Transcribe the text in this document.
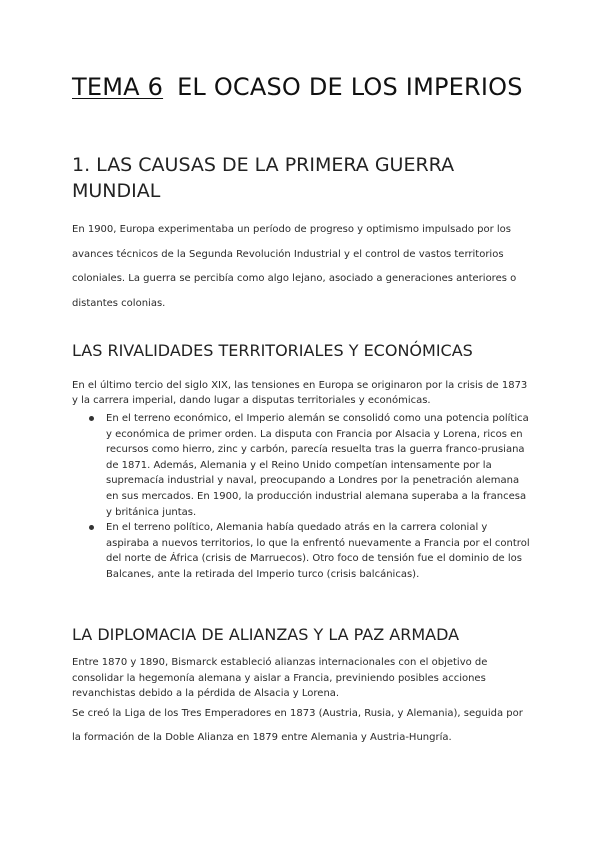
TEMA 6 EL OCASO DE LOS IMPERIOS
1. LAS CAUSAS DE LA PRIMERA GUERRA MUNDIAL

En 1900, Europa experimentaba un período de progreso y optimismo impulsado por los avances técnicos de la Segunda Revolución Industrial y el control de vastos territorios coloniales. La guerra se percibía como algo lejano, asociado a generaciones anteriores o distantes colonias.

LAS RIVALIDADES TERRITORIALES Y ECONÓMICAS

En el último tercio del siglo XIX, las tensiones en Europa se originaron por la crisis de 1873 y la carrera imperial, dando lugar a disputas territoriales y económicas.

En el terreno económico, el Imperio alemán se consolidó como una potencia política y económica de primer orden. La disputa con Francia por Alsacia y Lorena, ricos en recursos como hierro, zinc y carbón, parecía resuelta tras la guerra franco-prusiana de 1871. Además, Alemania y el Reino Unido competían intensamente por la supremacía industrial y naval, preocupando a Londres por la penetración alemana en sus mercados. En 1900, la producción industrial alemana superaba a la francesa y británica juntas.
En el terreno político, Alemania había quedado atrás en la carrera colonial y aspiraba a nuevos territorios, lo que la enfrentó nuevamente a Francia por el control del norte de África (crisis de Marruecos). Otro foco de tensión fue el dominio de los Balcanes, ante la retirada del Imperio turco (crisis balcánicas).
LA DIPLOMACIA DE ALIANZAS Y LA PAZ ARMADA

Entre 1870 y 1890, Bismarck estableció alianzas internacionales con el objetivo de consolidar la hegemonía alemana y aislar a Francia, previniendo posibles acciones revanchistas debido a la pérdida de Alsacia y Lorena.

Se creó la Liga de los Tres Emperadores en 1873 (Austria, Rusia, y Alemania), seguida por la formación de la Doble Alianza en 1879 entre Alemania y Austria-Hungría.
